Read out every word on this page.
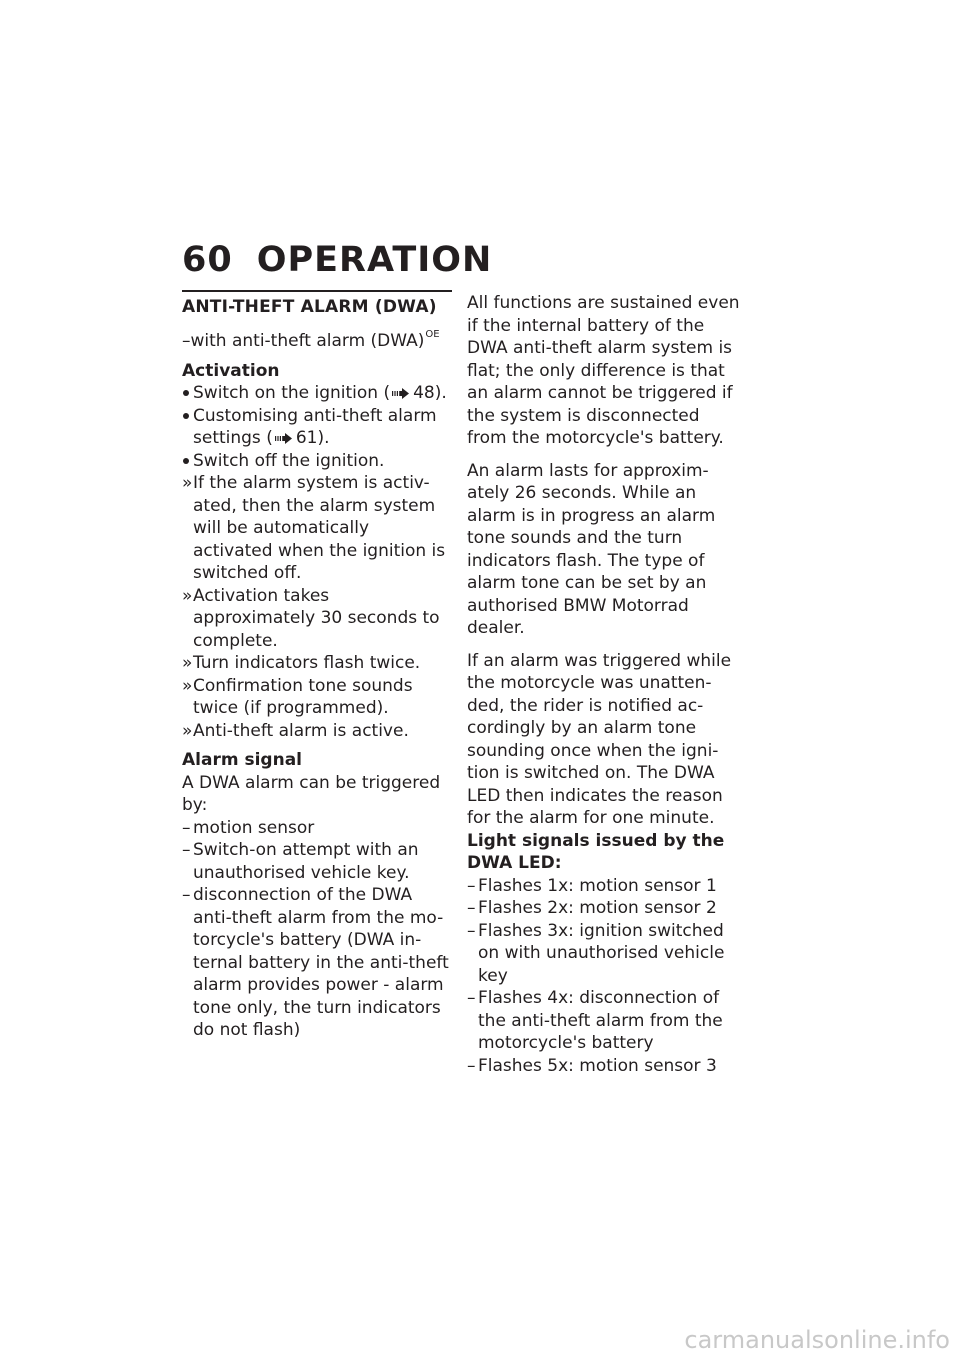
60 OPERATION
ANTI-THEFT ALARM (DWA)
–with anti-theft alarm (DWA)$^{OE}$

Activation

Switch on the ignition ( 48).
Customising anti-theft alarm settings ( 61).
Switch off the ignition.
» If the alarm system is activ- ated, then the alarm system will be automatically activated when the ignition is switched off.
» Activation takes approximately 30 seconds to complete.
» Turn indicators flash twice.
» Confirmation tone sounds twice (if programmed).
» Anti-theft alarm is active.

Alarm signal

A DWA alarm can be triggered by:

– motion sensor
– Switch-on attempt with an unauthorised vehicle key.
– disconnection of the DWA anti-theft alarm from the mo- torcycle's battery (DWA in- ternal battery in the anti-theft alarm provides power - alarm tone only, the turn indicators do not flash)

All functions are sustained even if the internal battery of the DWA anti-theft alarm system is flat; the only difference is that an alarm cannot be triggered if the system is disconnected from the motorcycle's battery.

An alarm lasts for approxim- ately 26 seconds. While an alarm is in progress an alarm tone sounds and the turn indicators flash. The type of alarm tone can be set by an authorised BMW Motorrad dealer.

If an alarm was triggered while the motorcycle was unatten- ded, the rider is notified ac- cordingly by an alarm tone sounding once when the igni- tion is switched on. The DWA LED then indicates the reason for the alarm for one minute.

Light signals issued by the DWA LED:

– Flashes 1x: motion sensor 1
– Flashes 2x: motion sensor 2
– Flashes 3x: ignition switched on with unauthorised vehicle key
– Flashes 4x: disconnection of the anti-theft alarm from the motorcycle's battery
– Flashes 5x: motion sensor 3
carmanualsonline.info
